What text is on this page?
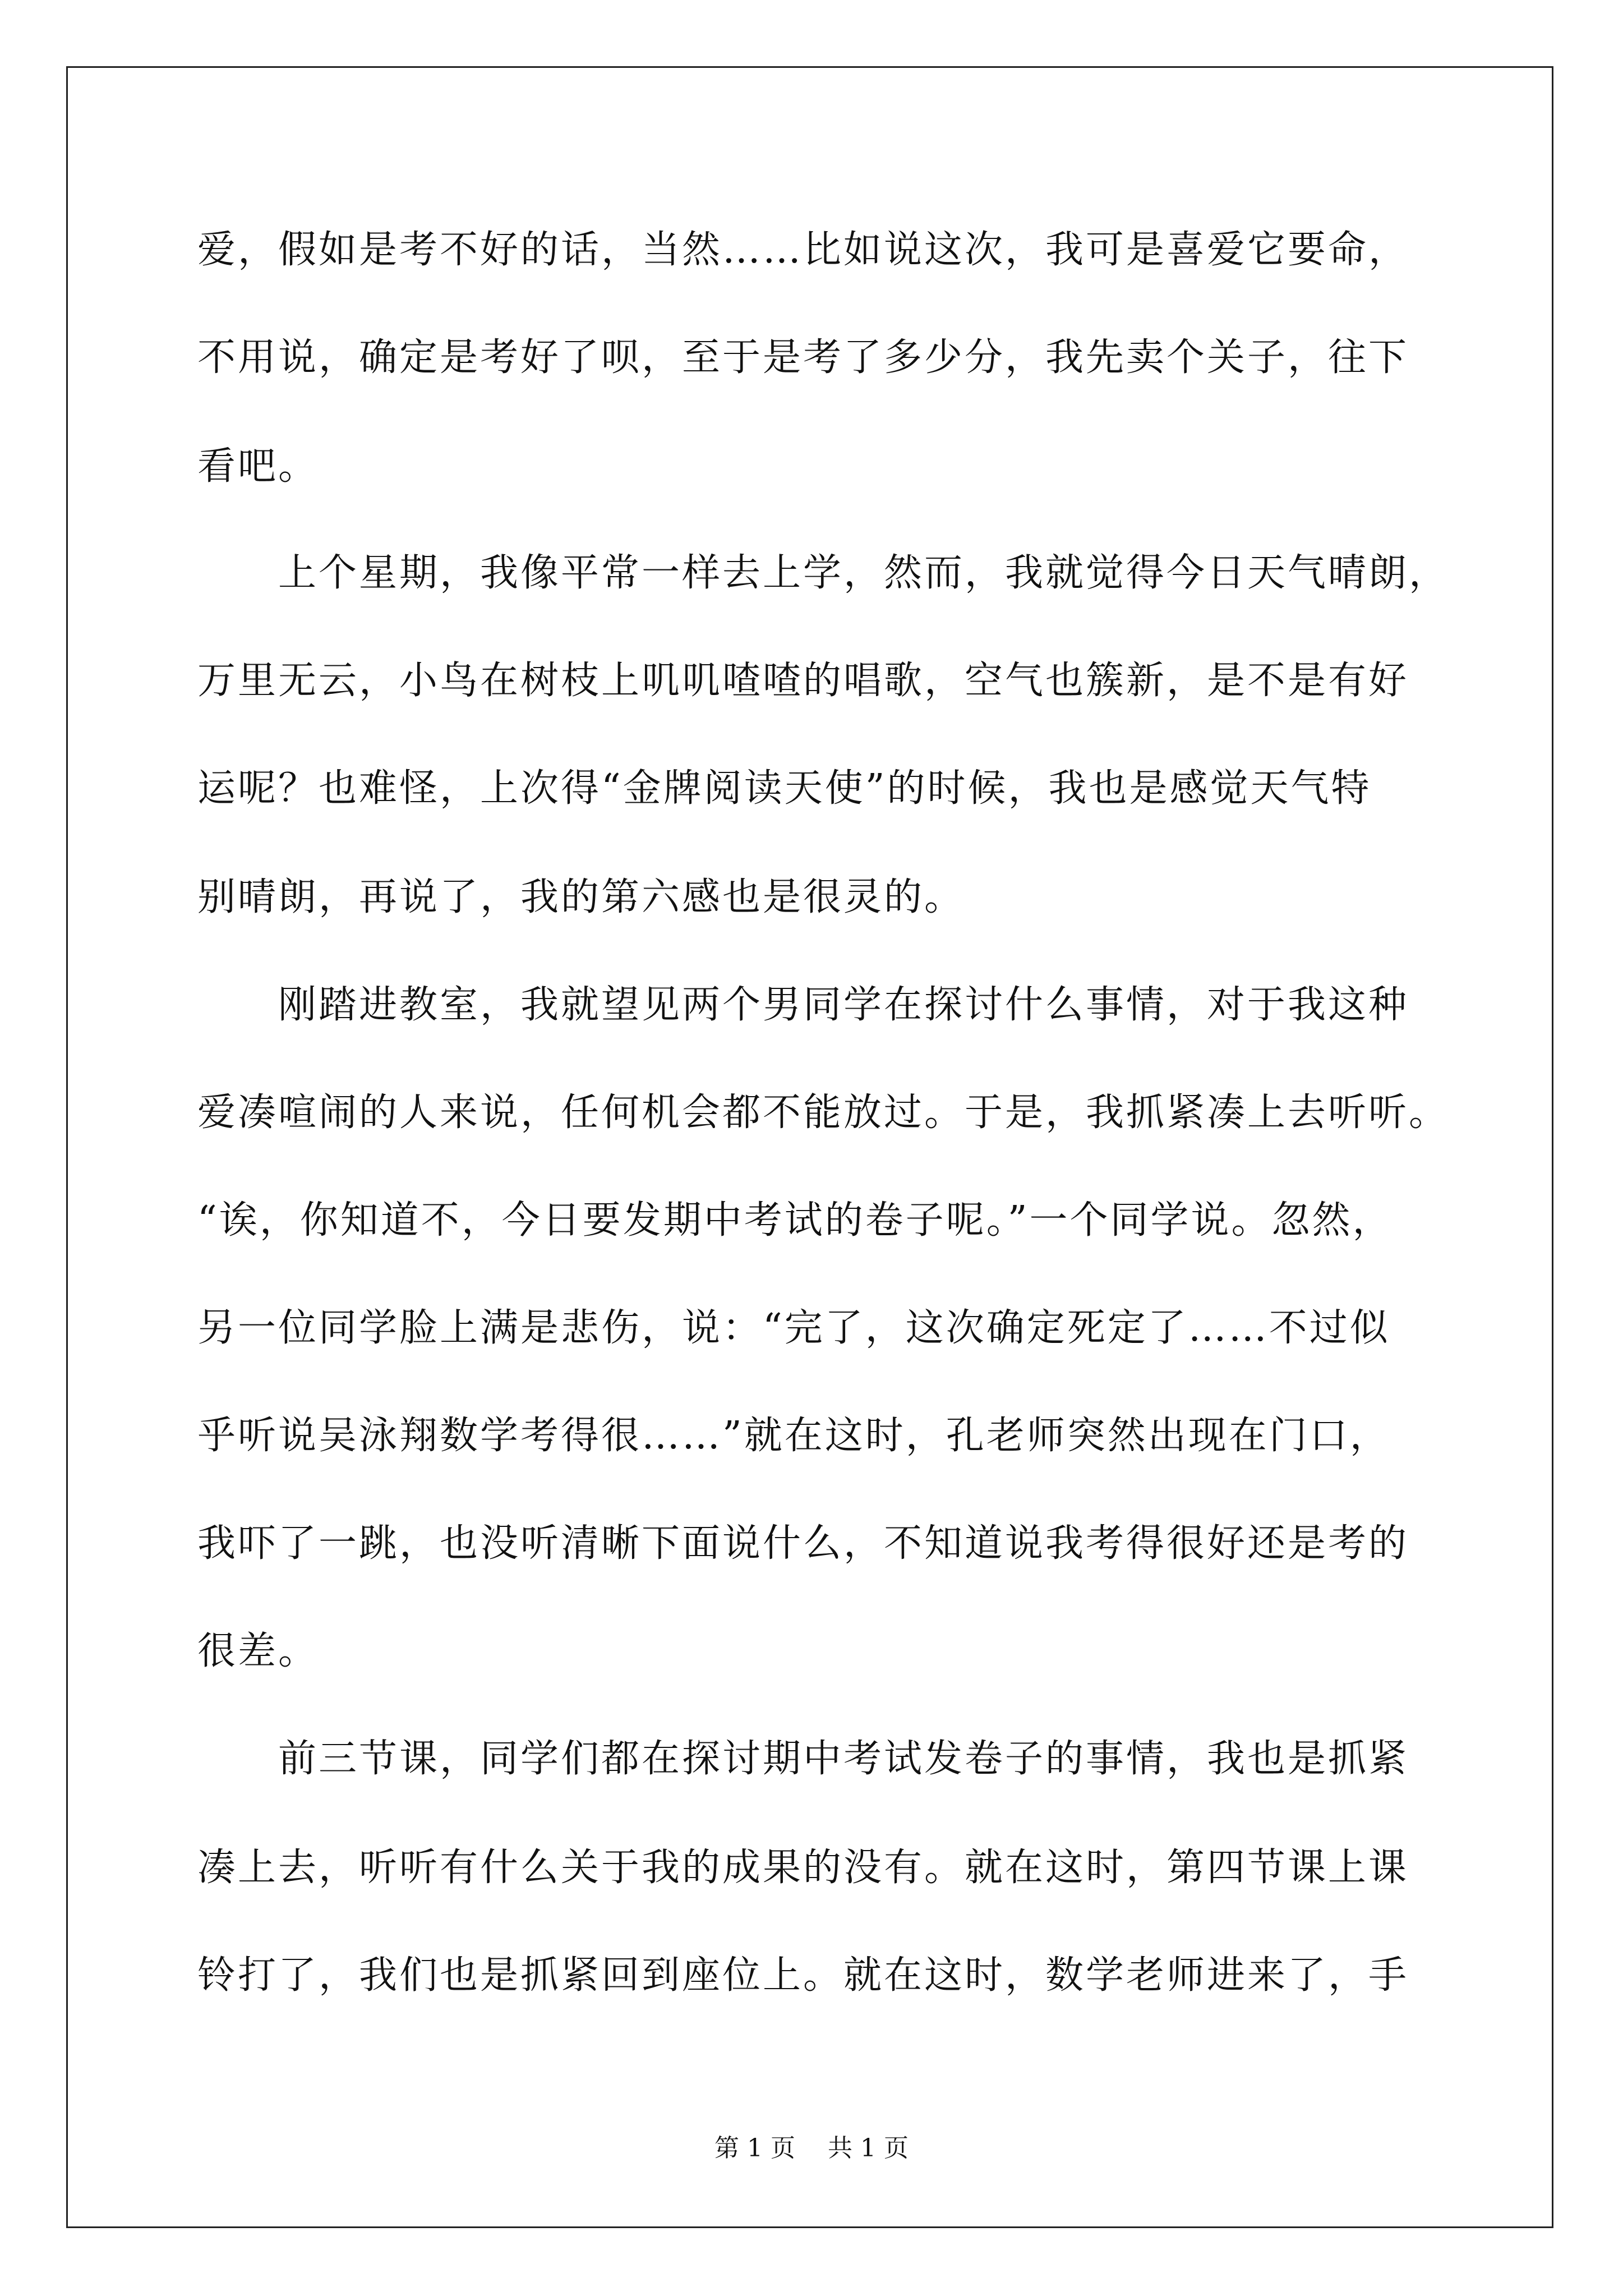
爱，假如是考不好的话，当然……比如说这次，我可是喜爱它要命，
不用说，确定是考好了呗，至于是考了多少分，我先卖个关子，往下
看吧。
　　上个星期，我像平常一样去上学，然而，我就觉得今日天气晴朗，
万里无云，小鸟在树枝上叽叽喳喳的唱歌，空气也簇新，是不是有好
运呢？也难怪，上次得“金牌阅读天使”的时候，我也是感觉天气特
别晴朗，再说了，我的第六感也是很灵的。
　　刚踏进教室，我就望见两个男同学在探讨什么事情，对于我这种
爱凑喧闹的人来说，任何机会都不能放过。于是，我抓紧凑上去听听。
“诶，你知道不，今日要发期中考试的卷子呢。”一个同学说。忽然，
另一位同学脸上满是悲伤，说：“完了，这次确定死定了……不过似
乎听说吴泳翔数学考得很……”就在这时，孔老师突然出现在门口，
我吓了一跳，也没听清晰下面说什么，不知道说我考得很好还是考的
很差。
　　前三节课，同学们都在探讨期中考试发卷子的事情，我也是抓紧
凑上去，听听有什么关于我的成果的没有。就在这时，第四节课上课
铃打了，我们也是抓紧回到座位上。就在这时，数学老师进来了，手
第 1 页　 共 1 页
